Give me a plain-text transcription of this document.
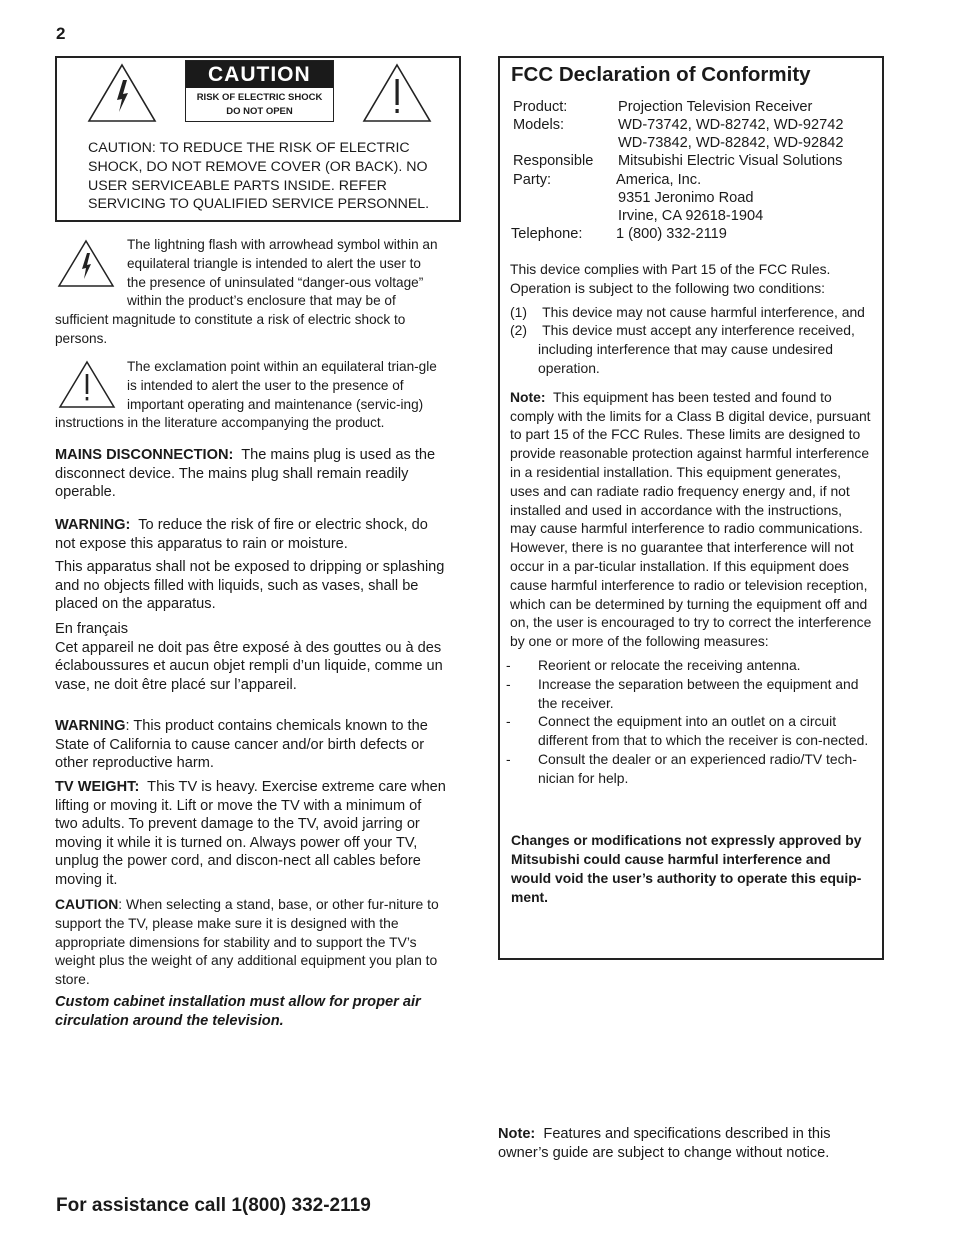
2
CAUTION
RISK OF ELECTRIC SHOCK
DO NOT OPEN

CAUTION: TO REDUCE THE RISK OF ELECTRIC SHOCK, DO NOT REMOVE COVER (OR BACK). NO USER SERVICEABLE PARTS INSIDE. REFER SERVICING TO QUALIFIED SERVICE PERSONNEL.

The lightning flash with arrowhead symbol within an equilateral triangle is intended to alert the user to the presence of uninsulated “danger-ous voltage” within the product’s enclosure that may be of sufficient magnitude to constitute a risk of electric shock to persons.
The exclamation point within an equilateral trian-gle is intended to alert the user to the presence of important operating and maintenance (servic-ing) instructions in the literature accompanying the product.

MAINS DISCONNECTION: The mains plug is used as the disconnect device. The mains plug shall remain readily operable.

WARNING: To reduce the risk of fire or electric shock, do not expose this apparatus to rain or moisture.

This apparatus shall not be exposed to dripping or splashing and no objects filled with liquids, such as vases, shall be placed on the apparatus.

En français

Cet appareil ne doit pas être exposé à des gouttes ou à des éclaboussures et aucun objet rempli d’un liquide, comme un vase, ne doit être placé sur l’appareil.

WARNING: This product contains chemicals known to the State of California to cause cancer and/or birth defects or other reproductive harm.

TV WEIGHT: This TV is heavy. Exercise extreme care when lifting or moving it. Lift or move the TV with a minimum of two adults. To prevent damage to the TV, avoid jarring or moving it while it is turned on. Always power off your TV, unplug the power cord, and discon-nect all cables before moving it.

CAUTION: When selecting a stand, base, or other fur-niture to support the TV, please make sure it is designed with the appropriate dimensions for stability and to support the TV’s weight plus the weight of any additional equipment you plan to store.

Custom cabinet installation must allow for proper air circulation around the television.

FCC Declaration of Conformity
Product:	Projection Television Receiver
Models:	WD-73742, WD-82742, WD-92742
WD-73842, WD-82842, WD-92842
Responsible
Party:
Mitsubishi Electric Visual Solutions
America, Inc.
9351 Jeronimo Road
Irvine, CA 92618-1904
Telephone: 1 (800) 332-2119

This device complies with Part 15 of the FCC Rules. Operation is subject to the following two conditions:

(1) This device may not cause harmful interference, and

(2) This device must accept any interference received, including interference that may cause undesired operation.

Note: This equipment has been tested and found to comply with the limits for a Class B digital device, pursuant to part 15 of the FCC Rules. These limits are designed to provide reasonable protection against harmful interference in a residential installation. This equipment generates, uses and can radiate radio frequency energy and, if not installed and used in accordance with the instructions, may cause harmful interference to radio communications. However, there is no guarantee that interference will not occur in a par-ticular installation. If this equipment does cause harmful interference to radio or television reception, which can be determined by turning the equipment off and on, the user is encouraged to try to correct the interference by one or more of the following measures:

- Reorient or relocate the receiving antenna.

- Increase the separation between the equipment and the receiver.

- Connect the equipment into an outlet on a circuit different from that to which the receiver is con-nected.

- Consult the dealer or an experienced radio/TV tech-nician for help.

Changes or modifications not expressly approved by Mitsubishi could cause harmful interference and would void the user’s authority to operate this equip-ment.

Note: Features and specifications described in this owner’s guide are subject to change without notice.

For assistance call 1(800) 332-2119
